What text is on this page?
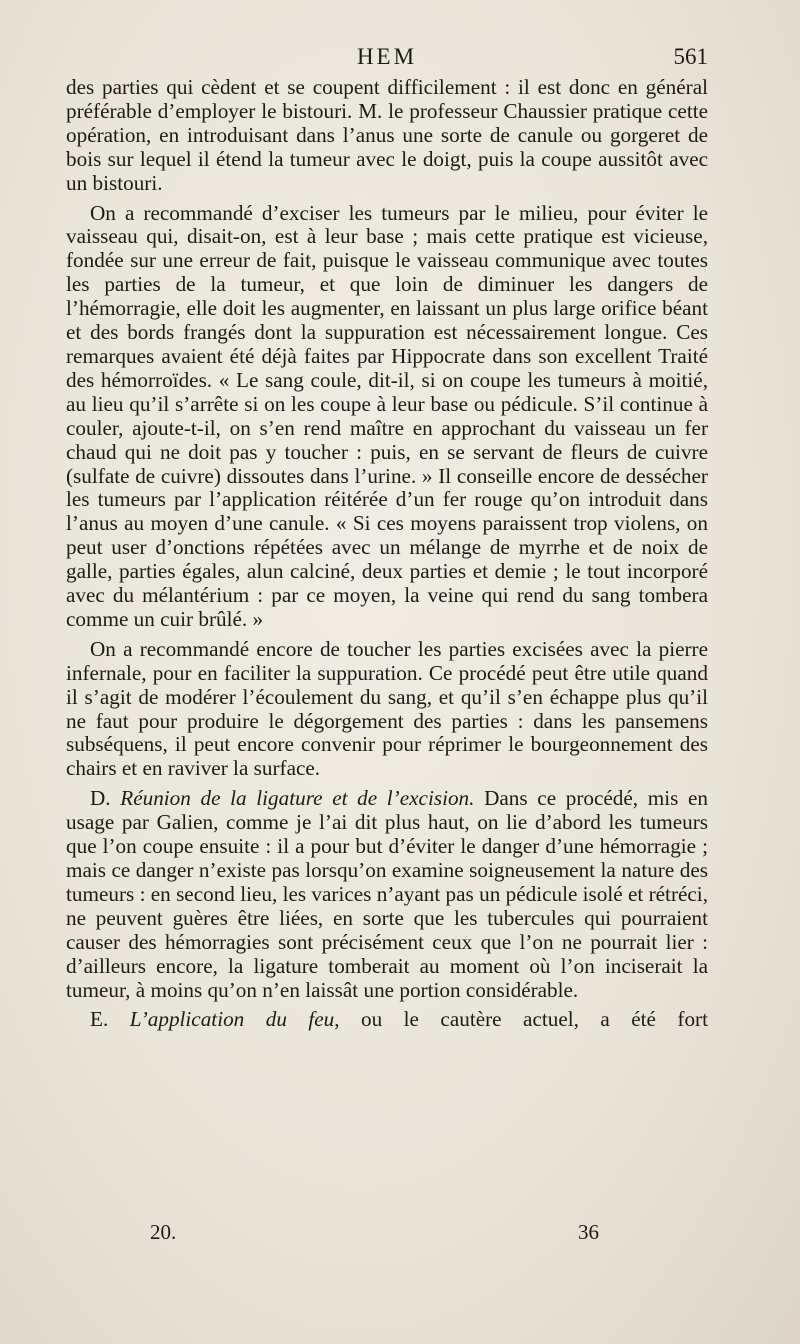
HEM	561

des parties qui cèdent et se coupent difficilement : il est donc en général préférable d’employer le bistouri. M. le professeur Chaussier pratique cette opération, en introduisant dans l’anus une sorte de canule ou gorgeret de bois sur lequel il étend la tumeur avec le doigt, puis la coupe aussitôt avec un bistouri.

On a recommandé d’exciser les tumeurs par le milieu, pour éviter le vaisseau qui, disait-on, est à leur base ; mais cette pratique est vicieuse, fondée sur une erreur de fait, puisque le vaisseau communique avec toutes les parties de la tumeur, et que loin de diminuer les dangers de l’hémorragie, elle doit les augmenter, en laissant un plus large orifice béant et des bords frangés dont la suppuration est nécessairement longue. Ces remarques avaient été déjà faites par Hippocrate dans son excellent Traité des hémorroïdes. « Le sang coule, dit-il, si on coupe les tumeurs à moitié, au lieu qu’il s’arrête si on les coupe à leur base ou pédicule. S’il continue à couler, ajoute-t-il, on s’en rend maître en approchant du vaisseau un fer chaud qui ne doit pas y toucher : puis, en se servant de fleurs de cuivre (sulfate de cuivre) dissoutes dans l’urine. » Il conseille encore de dessécher les tumeurs par l’application réitérée d’un fer rouge qu’on introduit dans l’anus au moyen d’une canule. « Si ces moyens paraissent trop violens, on peut user d’onctions répétées avec un mélange de myrrhe et de noix de galle, parties égales, alun calciné, deux parties et demie ; le tout incorporé avec du mélantérium : par ce moyen, la veine qui rend du sang tombera comme un cuir brûlé. »

On a recommandé encore de toucher les parties excisées avec la pierre infernale, pour en faciliter la suppuration. Ce procédé peut être utile quand il s’agit de modérer l’écoulement du sang, et qu’il s’en échappe plus qu’il ne faut pour produire le dégorgement des parties : dans les pansemens subséquens, il peut encore convenir pour réprimer le bourgeonnement des chairs et en raviver la surface.

D. Réunion de la ligature et de l’excision. Dans ce procédé, mis en usage par Galien, comme je l’ai dit plus haut, on lie d’abord les tumeurs que l’on coupe ensuite : il a pour but d’éviter le danger d’une hémorragie ; mais ce danger n’existe pas lorsqu’on examine soigneusement la nature des tumeurs : en second lieu, les varices n’ayant pas un pédicule isolé et rétréci, ne peuvent guères être liées, en sorte que les tubercules qui pourraient causer des hémorragies sont précisément ceux que l’on ne pourrait lier : d’ailleurs encore, la ligature tomberait au moment où l’on inciserait la tumeur, à moins qu’on n’en laissât une portion considérable.

E. L’application du feu, ou le cautère actuel, a été fort

20.	36
